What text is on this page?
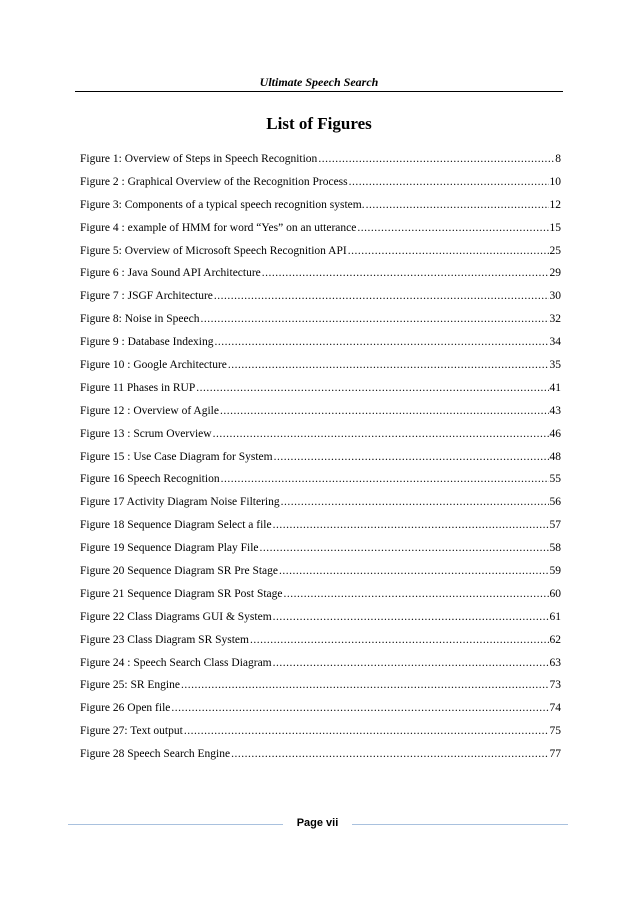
Ultimate Speech Search
List of Figures
Figure 1: Overview of Steps in Speech Recognition .....	8
Figure 2 : Graphical Overview of the Recognition Process .....	10
Figure 3: Components of a typical speech recognition system. .....	12
Figure 4 : example of HMM for word “Yes” on an utterance .....	15
Figure 5: Overview of Microsoft Speech Recognition API .....	25
Figure 6 : Java Sound API Architecture .....	29
Figure 7 : JSGF Architecture .....	30
Figure 8: Noise in Speech .....	32
Figure 9 : Database Indexing .....	34
Figure 10 : Google Architecture .....	35
Figure 11 Phases in RUP .....	41
Figure 12 : Overview of Agile .....	43
Figure 13 : Scrum Overview .....	46
Figure 15 : Use Case Diagram for System .....	48
Figure 16 Speech Recognition .....	55
Figure 17 Activity Diagram Noise Filtering .....	56
Figure 18 Sequence Diagram Select a file .....	57
Figure 19 Sequence Diagram Play File .....	58
Figure 20 Sequence Diagram SR Pre Stage .....	59
Figure 21 Sequence Diagram SR Post Stage .....	60
Figure 22 Class Diagrams GUI & System .....	61
Figure 23 Class Diagram SR System .....	62
Figure 24 : Speech Search Class Diagram .....	63
Figure 25: SR Engine .....	73
Figure 26 Open file .....	74
Figure 27: Text output .....	75
Figure 28 Speech Search Engine .....	77
Page vii
